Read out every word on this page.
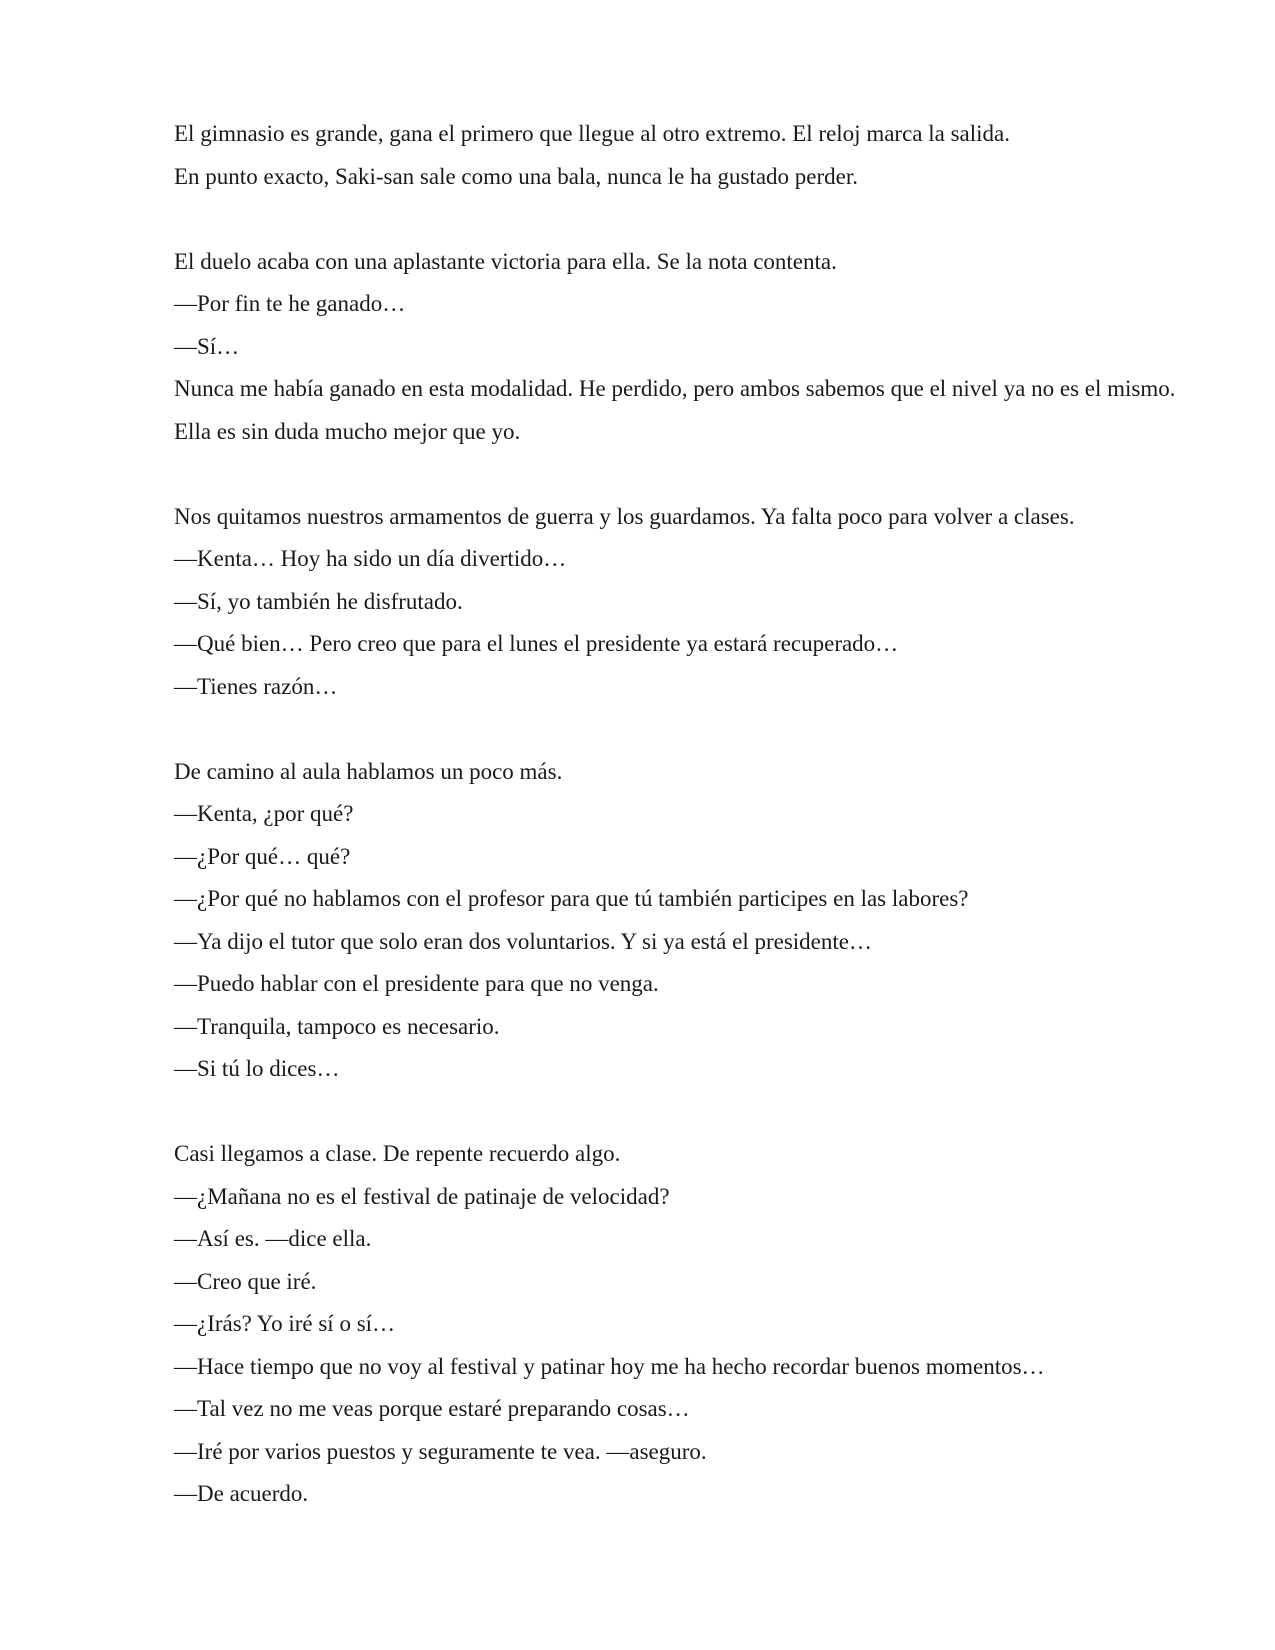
El gimnasio es grande, gana el primero que llegue al otro extremo. El reloj marca la salida.

En punto exacto, Saki-san sale como una bala, nunca le ha gustado perder.

El duelo acaba con una aplastante victoria para ella. Se la nota contenta.

—Por fin te he ganado…

—Sí…

Nunca me había ganado en esta modalidad. He perdido, pero ambos sabemos que el nivel ya no es el mismo. Ella es sin duda mucho mejor que yo.

Nos quitamos nuestros armamentos de guerra y los guardamos. Ya falta poco para volver a clases.

—Kenta… Hoy ha sido un día divertido…

—Sí, yo también he disfrutado.

—Qué bien… Pero creo que para el lunes el presidente ya estará recuperado…

—Tienes razón…

De camino al aula hablamos un poco más.

—Kenta, ¿por qué?

—¿Por qué… qué?

—¿Por qué no hablamos con el profesor para que tú también participes en las labores?

—Ya dijo el tutor que solo eran dos voluntarios. Y si ya está el presidente…

—Puedo hablar con el presidente para que no venga.

—Tranquila, tampoco es necesario.

—Si tú lo dices…

Casi llegamos a clase. De repente recuerdo algo.

—¿Mañana no es el festival de patinaje de velocidad?

—Así es. —dice ella.

—Creo que iré.

—¿Irás? Yo iré sí o sí…

—Hace tiempo que no voy al festival y patinar hoy me ha hecho recordar buenos momentos…

—Tal vez no me veas porque estaré preparando cosas…

—Iré por varios puestos y seguramente te vea. —aseguro.

—De acuerdo.
